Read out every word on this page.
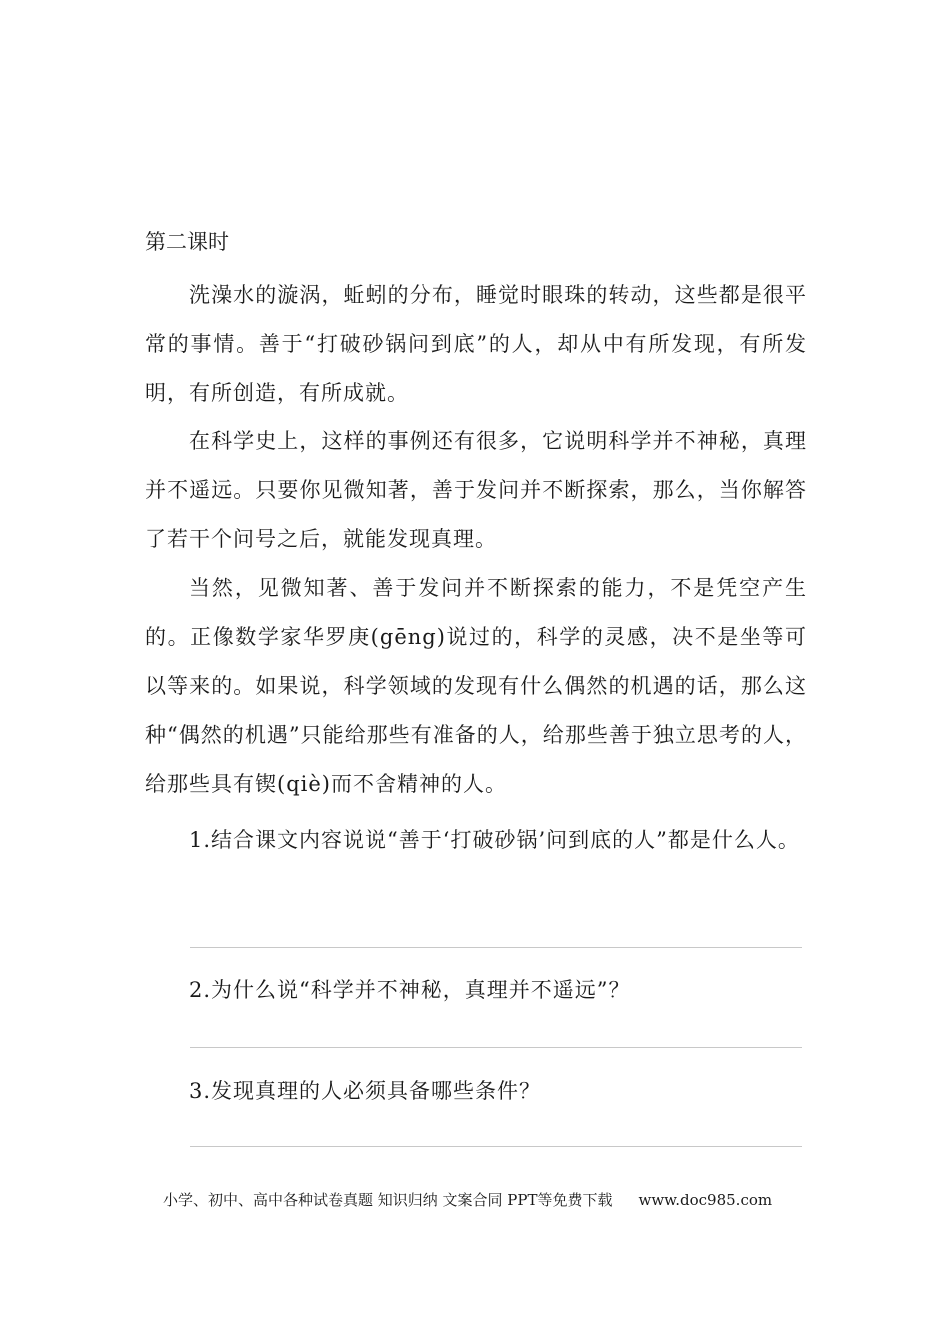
第二课时

洗澡水的漩涡，蚯蚓的分布，睡觉时眼珠的转动，这些都是很平常的事情。善于“打破砂锅问到底”的人，却从中有所发现，有所发明，有所创造，有所成就。

在科学史上，这样的事例还有很多，它说明科学并不神秘，真理并不遥远。只要你见微知著，善于发问并不断探索，那么，当你解答了若干个问号之后，就能发现真理。

当然，见微知著、善于发问并不断探索的能力，不是凭空产生的。正像数学家华罗庚(gēng)说过的，科学的灵感，决不是坐等可以等来的。如果说，科学领域的发现有什么偶然的机遇的话，那么这种“偶然的机遇”只能给那些有准备的人，给那些善于独立思考的人，给那些具有锲(qiè)而不舍精神的人。

1.结合课文内容说说“善于‘打破砂锅’问到底的人”都是什么人。

2.为什么说“科学并不神秘，真理并不遥远”？

3.发现真理的人必须具备哪些条件？

小学、初中、高中各种试卷真题 知识归纳 文案合同 PPT等免费下载 www.doc985.com
